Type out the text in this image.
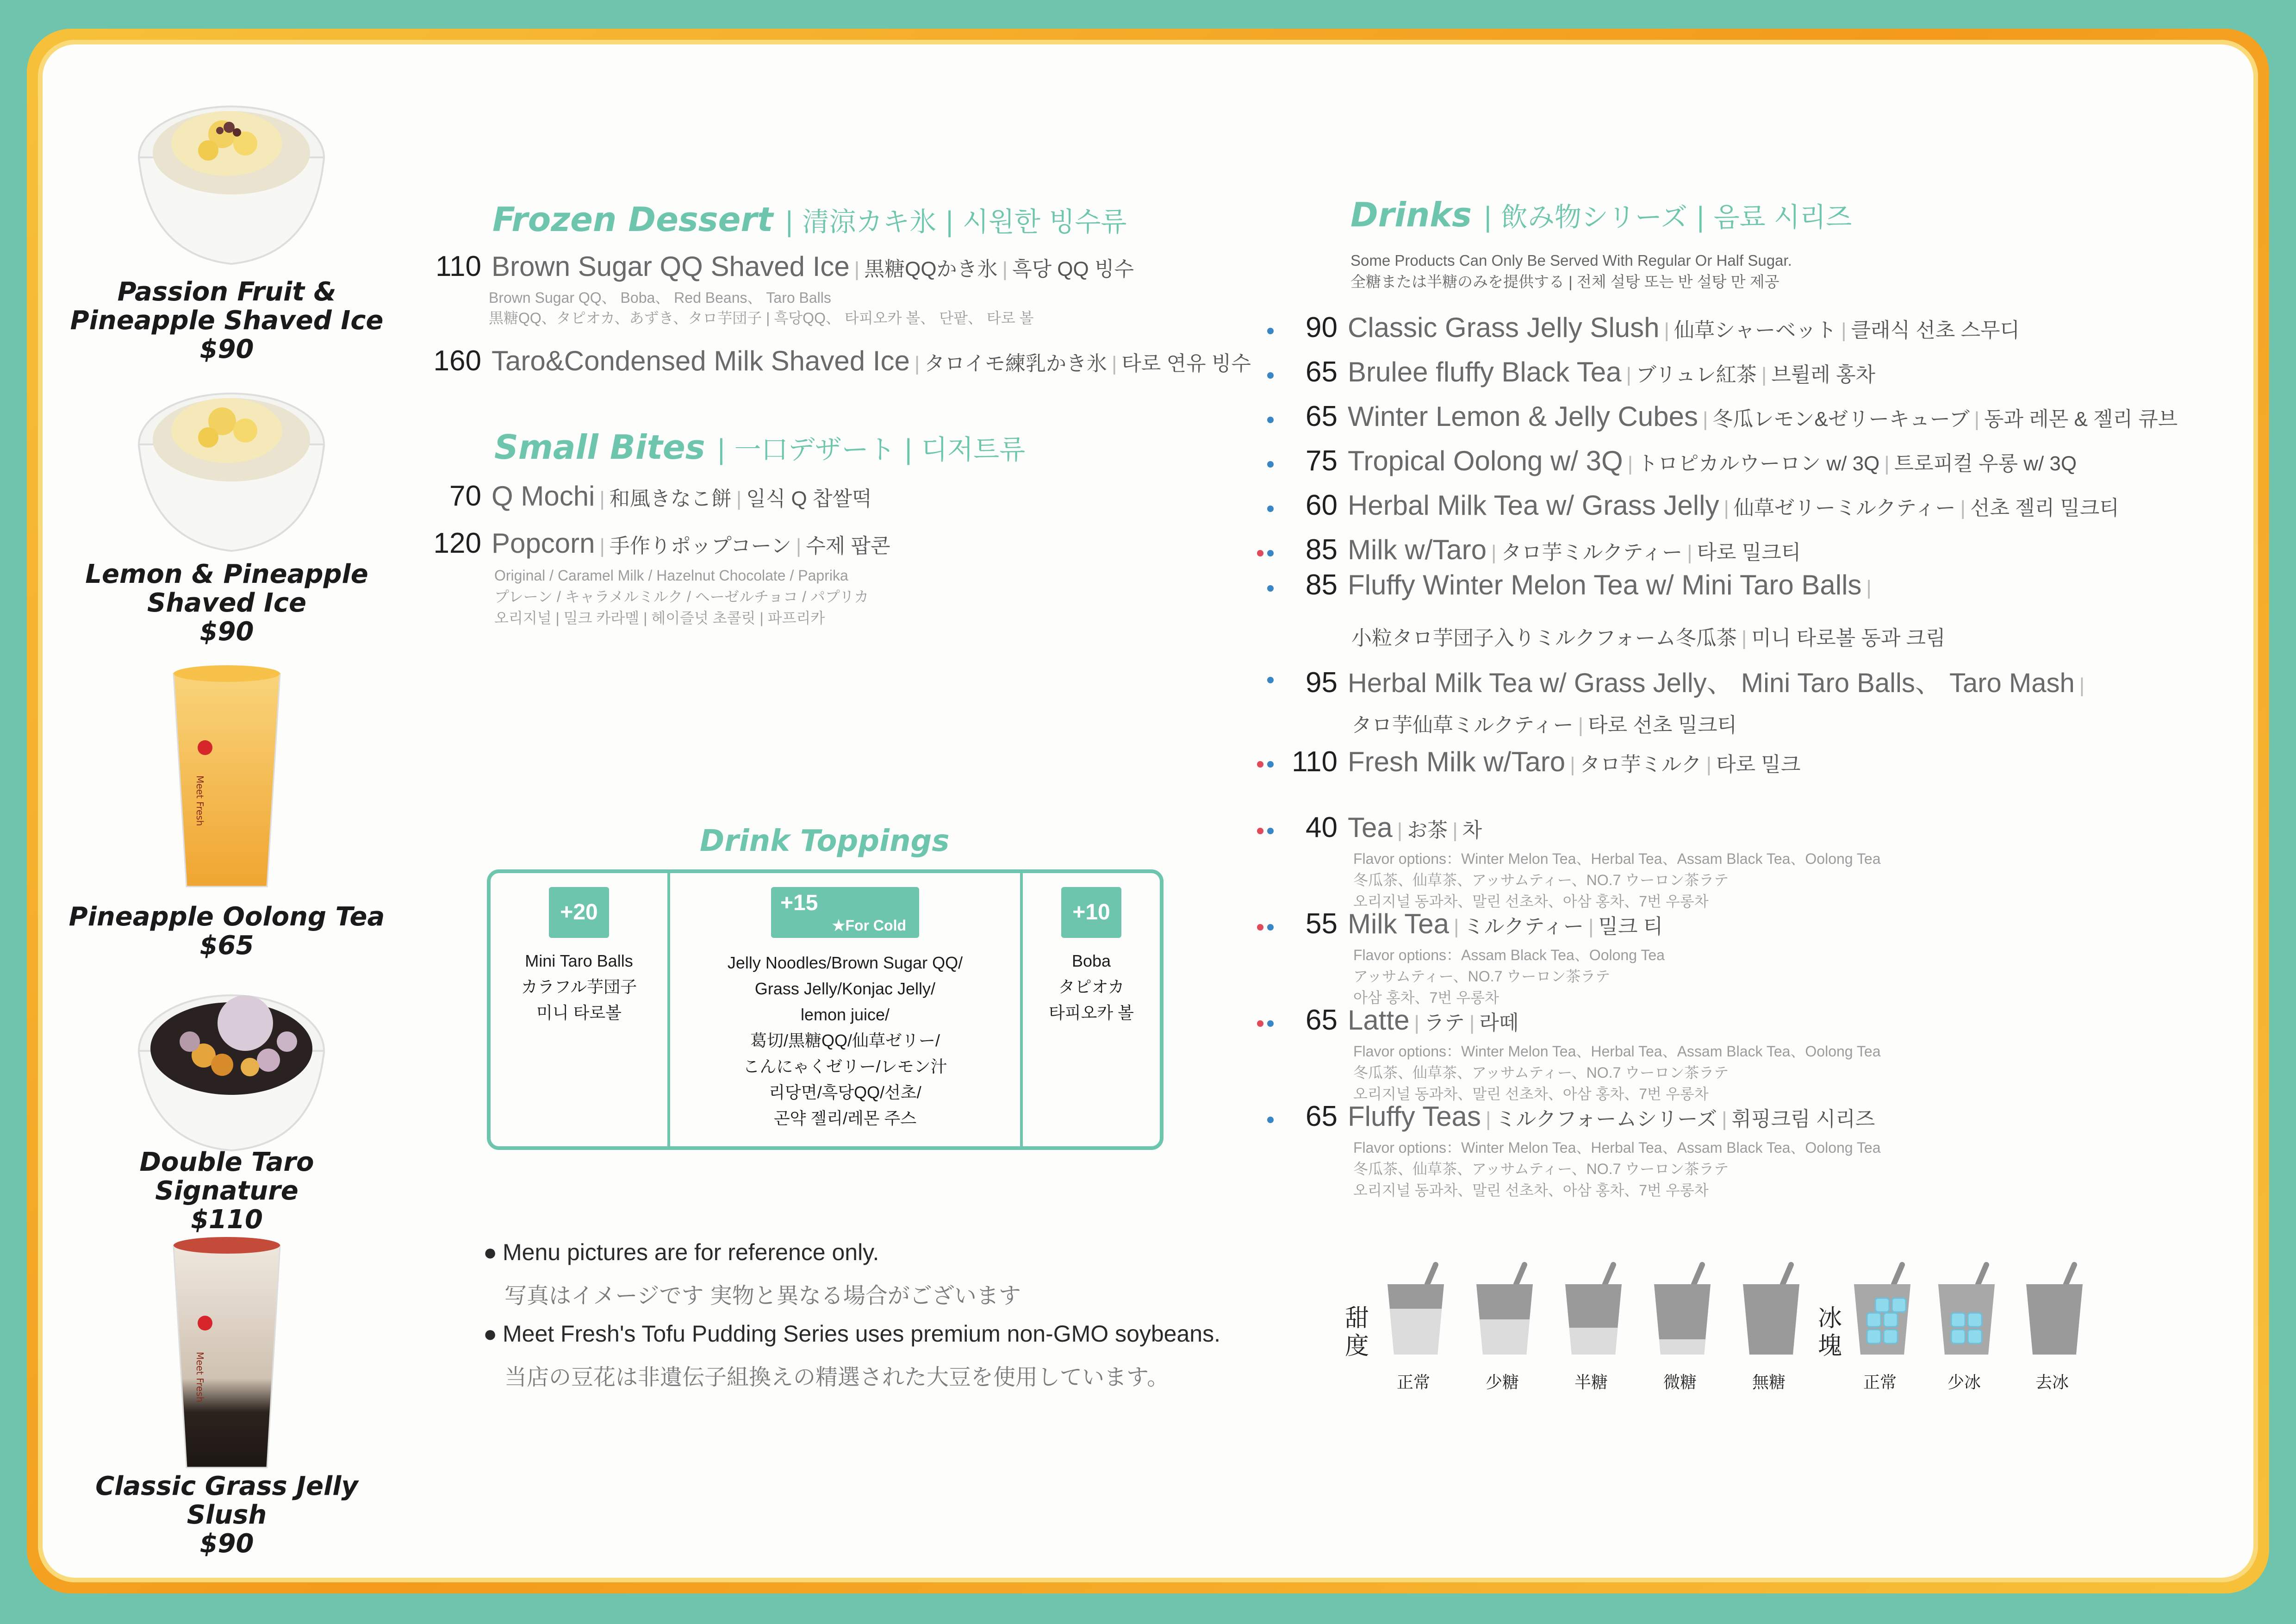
Passion Fruit &
Pineapple Shaved Ice
$90
Lemon & Pineapple
Shaved Ice
$90
Meet Fresh
Pineapple Oolong Tea
$65
Double Taro Signature
$110
Meet Fresh
Classic Grass Jelly Slush
$90
Frozen Dessert | 清涼カキ氷 | 시원한 빙수류
110 Brown Sugar QQ Shaved Ice | 黒糖QQかき氷 | 흑당 QQ 빙수
Brown Sugar QQ、 Boba、 Red Beans、 Taro Balls
黒糖QQ、タピオカ、あずき、タロ芋団子 | 흑당QQ、 타피오카 볼、 단팥、 타로 볼
160 Taro&Condensed Milk Shaved Ice | タロイモ練乳かき氷 | 타로 연유 빙수
Small Bites | 一口デザート | 디저트류
70 Q Mochi | 和風きなこ餅 | 일식 Q 찹쌀떡
120 Popcorn | 手作りポップコーン | 수제 팝콘
Original / Caramel Milk / Hazelnut Chocolate / Paprika
プレーン / キャラメルミルク / ヘーゼルチョコ / パプリカ
오리지널 | 밀크 카라멜 | 헤이즐넛 초콜릿 | 파프리카
Drink Toppings
+20
Mini Taro Balls
カラフル芋団子
미니 타로볼
+15
★For Cold
Jelly Noodles/Brown Sugar QQ/
Grass Jelly/Konjac Jelly/
lemon juice/
葛切/黒糖QQ/仙草ゼリー/
こんにゃくゼリー/レモン汁
리당면/흑당QQ/선초/
곤약 젤리/레몬 주스
+10
Boba
タピオカ
타피오카 볼
● Menu pictures are for reference only.
写真はイメージです 実物と異なる場合がございます
● Meet Fresh's Tofu Pudding Series uses premium non-GMO soybeans.
当店の豆花は非遺伝子組換えの精選された大豆を使用しています。
Drinks | 飲み物シリーズ | 음료 시리즈
Some Products Can Only Be Served With Regular Or Half Sugar.
全糖または半糖のみを提供する | 전체 설탕 또는 반 설탕 만 제공
90 Classic Grass Jelly Slush | 仙草シャーベット | 클래식 선초 스무디
65 Brulee fluffy Black Tea | ブリュレ紅茶 | 브륄레 홍차
65 Winter Lemon & Jelly Cubes | 冬瓜レモン&ゼリーキューブ | 동과 레몬 & 젤리 큐브
75 Tropical Oolong w/ 3Q | トロピカルウーロン w/ 3Q | 트로피컬 우롱 w/ 3Q
60 Herbal Milk Tea w/ Grass Jelly | 仙草ゼリーミルクティー | 선초 젤리 밀크티
85 Milk w/Taro | タロ芋ミルクティー | 타로 밀크티
85 Fluffy Winter Melon Tea w/ Mini Taro Balls |
小粒タロ芋団子入りミルクフォーム冬瓜茶 | 미니 타로볼 동과 크림
95 Herbal Milk Tea w/ Grass Jelly、 Mini Taro Balls、 Taro Mash |
タロ芋仙草ミルクティー | 타로 선초 밀크티
110 Fresh Milk w/Taro | タロ芋ミルク | 타로 밀크
40 Tea | お茶 | 차
Flavor options：Winter Melon Tea、Herbal Tea、Assam Black Tea、Oolong Tea
冬瓜茶、仙草茶、アッサムティー、NO.7 ウーロン茶ラテ
오리지널 동과차、말린 선초차、아삼 홍차、7번 우롱차
55 Milk Tea | ミルクティー | 밀크 티
Flavor options：Assam Black Tea、Oolong Tea
アッサムティー、NO.7 ウーロン茶ラテ
아삼 홍차、7번 우롱차
65 Latte | ラテ | 라떼
Flavor options：Winter Melon Tea、Herbal Tea、Assam Black Tea、Oolong Tea
冬瓜茶、仙草茶、アッサムティー、NO.7 ウーロン茶ラテ
오리지널 동과차、말린 선초차、아삼 홍차、7번 우롱차
65 Fluffy Teas | ミルクフォームシリーズ | 휘핑크림 시리즈
Flavor options：Winter Melon Tea、Herbal Tea、Assam Black Tea、Oolong Tea
冬瓜茶、仙草茶、アッサムティー、NO.7 ウーロン茶ラテ
오리지널 동과차、말린 선초차、아삼 홍차、7번 우롱차
甜度
冰塊
正常	少糖	半糖	微糖	無糖	正常	少冰	去冰
